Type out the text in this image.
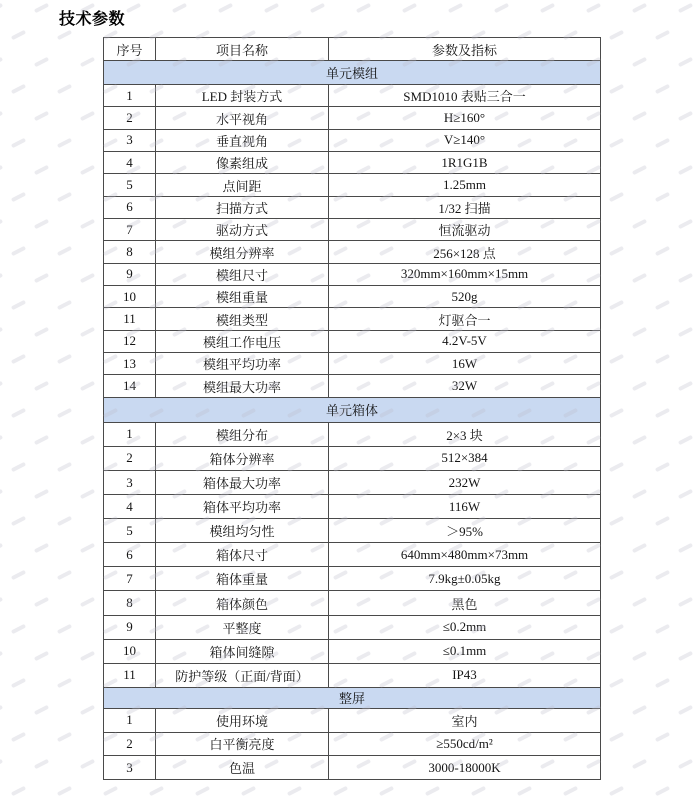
技术参数
序号	项目名称	参数及指标
单元模组		
1	LED 封装方式	SMD1010 表贴三合一
2	水平视角	H≥160°
3	垂直视角	V≥140°
4	像素组成	1R1G1B
5	点间距	1.25mm
6	扫描方式	1/32 扫描
7	驱动方式	恒流驱动
8	模组分辨率	256×128 点
9	模组尺寸	320mm×160mm×15mm
10	模组重量	520g
11	模组类型	灯驱合一
12	模组工作电压	4.2V-5V
13	模组平均功率	16W
14	模组最大功率	32W
单元箱体		
1	模组分布	2×3 块
2	箱体分辨率	512×384
3	箱体最大功率	232W
4	箱体平均功率	116W
5	模组均匀性	＞95%
6	箱体尺寸	640mm×480mm×73mm
7	箱体重量	7.9kg±0.05kg
8	箱体颜色	黑色
9	平整度	≤0.2mm
10	箱体间缝隙	≤0.1mm
11	防护等级（正面/背面）	IP43
整屏		
1	使用环境	室内
2	白平衡亮度	≥550cd/m²
3	色温	3000-18000K
